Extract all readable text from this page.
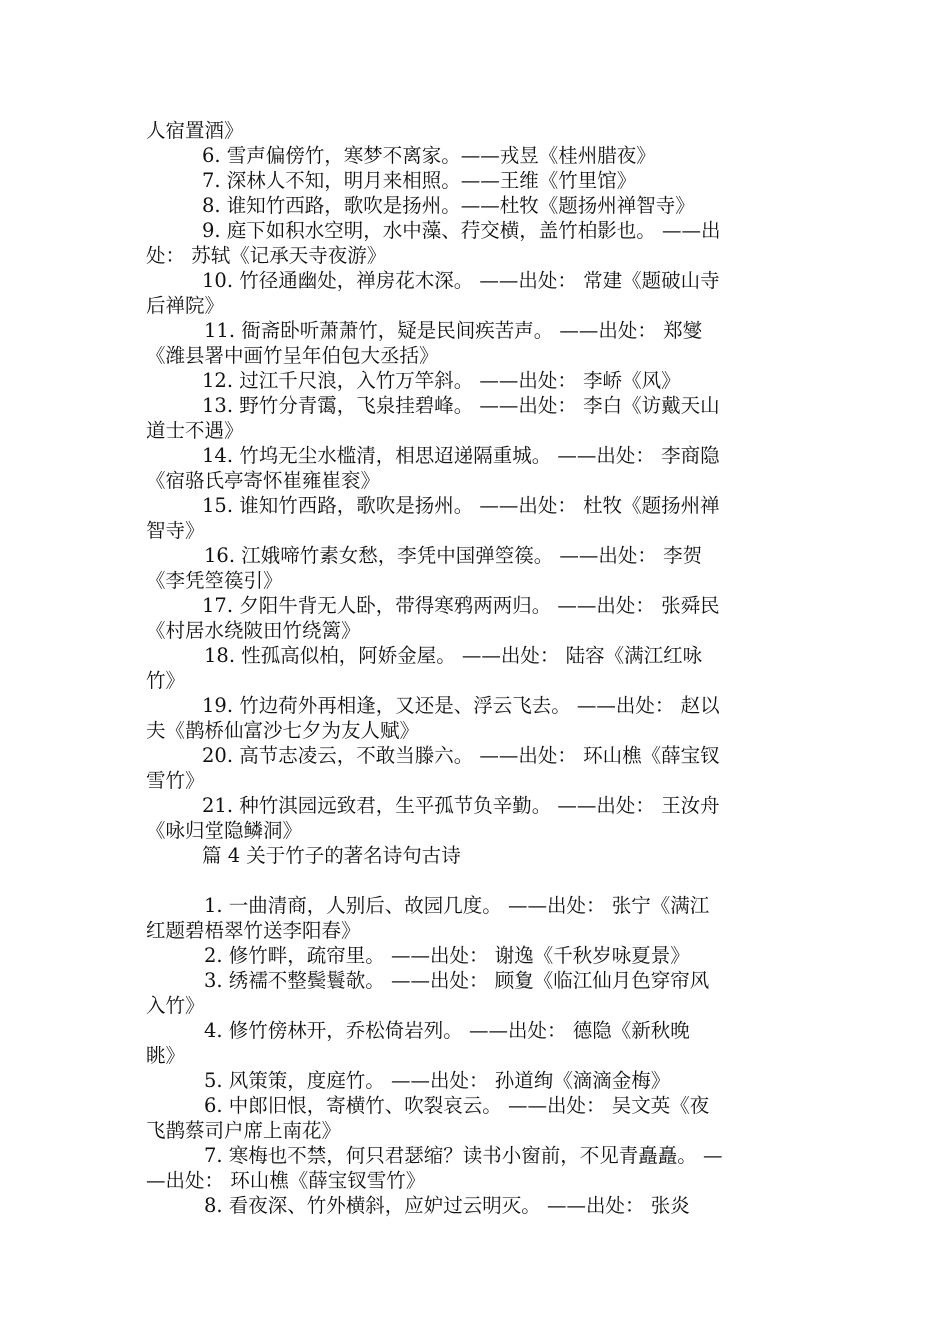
人宿置酒》
6. 雪声偏傍竹，寒梦不离家。——戎昱《桂州腊夜》
7. 深林人不知，明月来相照。——王维《竹里馆》
8. 谁知竹西路，歌吹是扬州。——杜牧《题扬州禅智寺》
9. 庭下如积水空明，水中藻、荇交横，盖竹柏影也。 ——出
处： 苏轼《记承天寺夜游》
10. 竹径通幽处，禅房花木深。 ——出处： 常建《题破山寺
后禅院》
11. 衙斋卧听萧萧竹，疑是民间疾苦声。 ——出处： 郑燮
《潍县署中画竹呈年伯包大丞括》
12. 过江千尺浪，入竹万竿斜。 ——出处： 李峤《风》
13. 野竹分青霭，飞泉挂碧峰。 ——出处： 李白《访戴天山
道士不遇》
14. 竹坞无尘水槛清，相思迢递隔重城。 ——出处： 李商隐
《宿骆氏亭寄怀崔雍崔衮》
15. 谁知竹西路，歌吹是扬州。 ——出处： 杜牧《题扬州禅
智寺》
16. 江娥啼竹素女愁，李凭中国弹箜篌。 ——出处： 李贺
《李凭箜篌引》
17. 夕阳牛背无人卧，带得寒鸦两两归。 ——出处： 张舜民
《村居水绕陂田竹绕篱》
18. 性孤高似柏，阿娇金屋。 ——出处： 陆容《满江红咏
竹》
19. 竹边荷外再相逢，又还是、浮云飞去。 ——出处： 赵以
夫《鹊桥仙富沙七夕为友人赋》
20. 高节志凌云，不敢当滕六。 ——出处： 环山樵《薛宝钗
雪竹》
21. 种竹淇园远致君，生平孤节负辛勤。 ——出处： 王汝舟
《咏归堂隐鳞洞》
篇 4 关于竹子的著名诗句古诗
1. 一曲清商，人别后、故园几度。 ——出处： 张宁《满江
红题碧梧翠竹送李阳春》
2. 修竹畔，疏帘里。 ——出处： 谢逸《千秋岁咏夏景》
3. 绣襦不整鬓鬟欹。 ——出处： 顾夐《临江仙月色穿帘风
入竹》
4. 修竹傍林开，乔松倚岩列。 ——出处： 德隐《新秋晚
眺》
5. 风策策，度庭竹。 ——出处： 孙道绚《滴滴金梅》
6. 中郎旧恨，寄横竹、吹裂哀云。 ——出处： 吴文英《夜
飞鹊蔡司户席上南花》
7. 寒梅也不禁，何只君瑟缩？读书小窗前，不见青矗矗。 —
—出处： 环山樵《薛宝钗雪竹》
8. 看夜深、竹外横斜，应妒过云明灭。 ——出处： 张炎
